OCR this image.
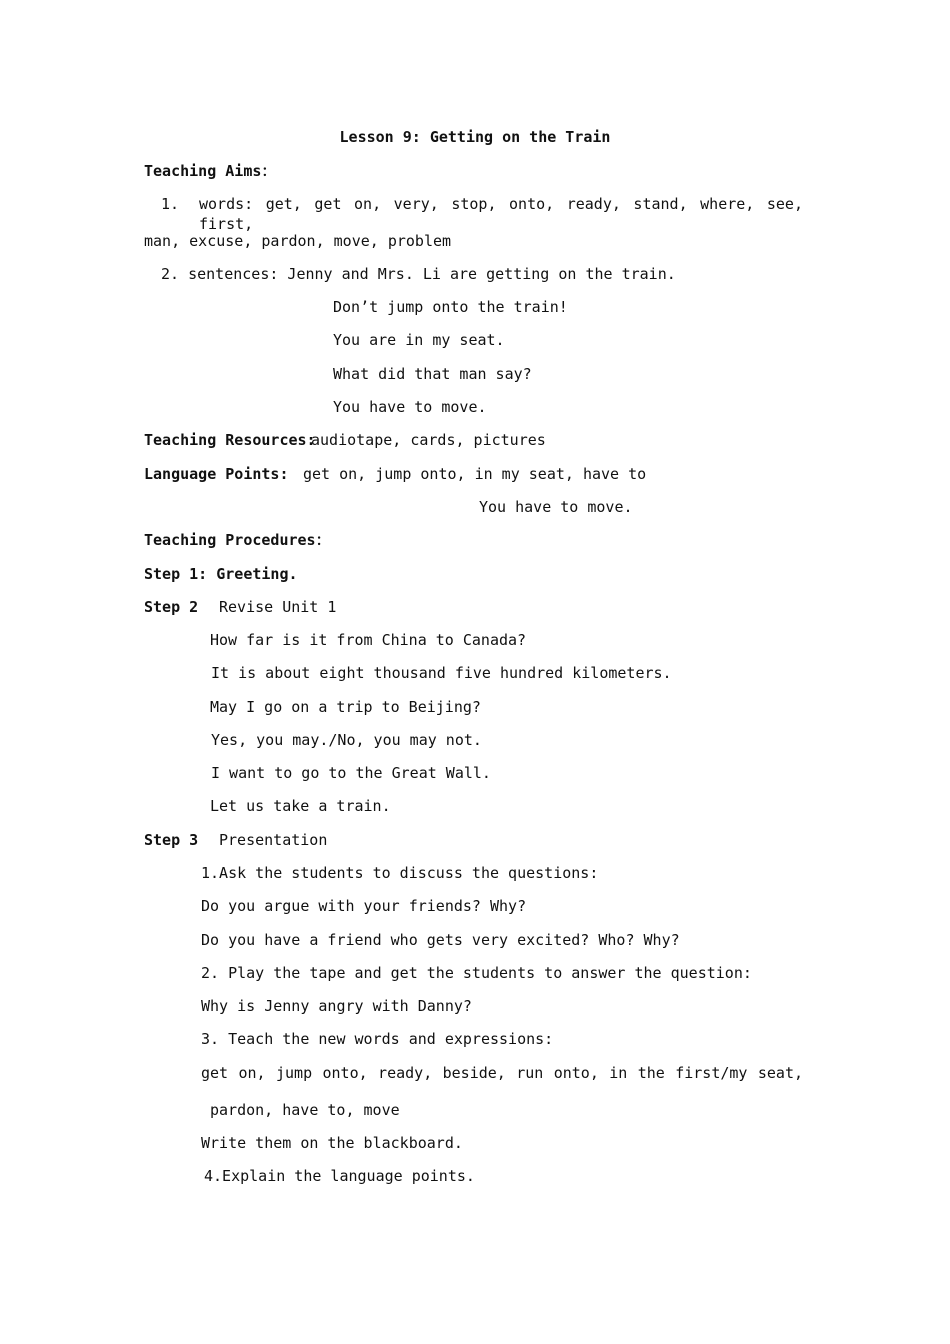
Lesson 9: Getting on the Train
Teaching Aims：
1. words: get, get on, very, stop, onto, ready, stand, where, see, first,
man, excuse, pardon, move, problem
2. sentences: Jenny and Mrs. Li are getting on the train.
Don’t jump onto the train!
You are in my seat.
What did that man say?
You have to move.
Teaching Resources:
audiotape, cards, pictures
Language Points: get on, jump onto, in my seat, have to
You have to move.
Teaching Procedures：
Step 1: Greeting.
Step 2 Revise Unit 1
How far is it from China to Canada?
It is about eight thousand five hundred kilometers.
May I go on a trip to Beijing?
Yes, you may./No, you may not.
I want to go to the Great Wall.
Let us take a train.
Step 3 Presentation
1.Ask the students to discuss the questions:
Do you argue with your friends? Why?
Do you have a friend who gets very excited? Who? Why?
2. Play the tape and get the students to answer the question:
Why is Jenny angry with Danny?
3. Teach the new words and expressions:
get on, jump onto, ready, beside, run onto, in the first/my seat,
pardon, have to, move
Write them on the blackboard.
4.Explain the language points.
